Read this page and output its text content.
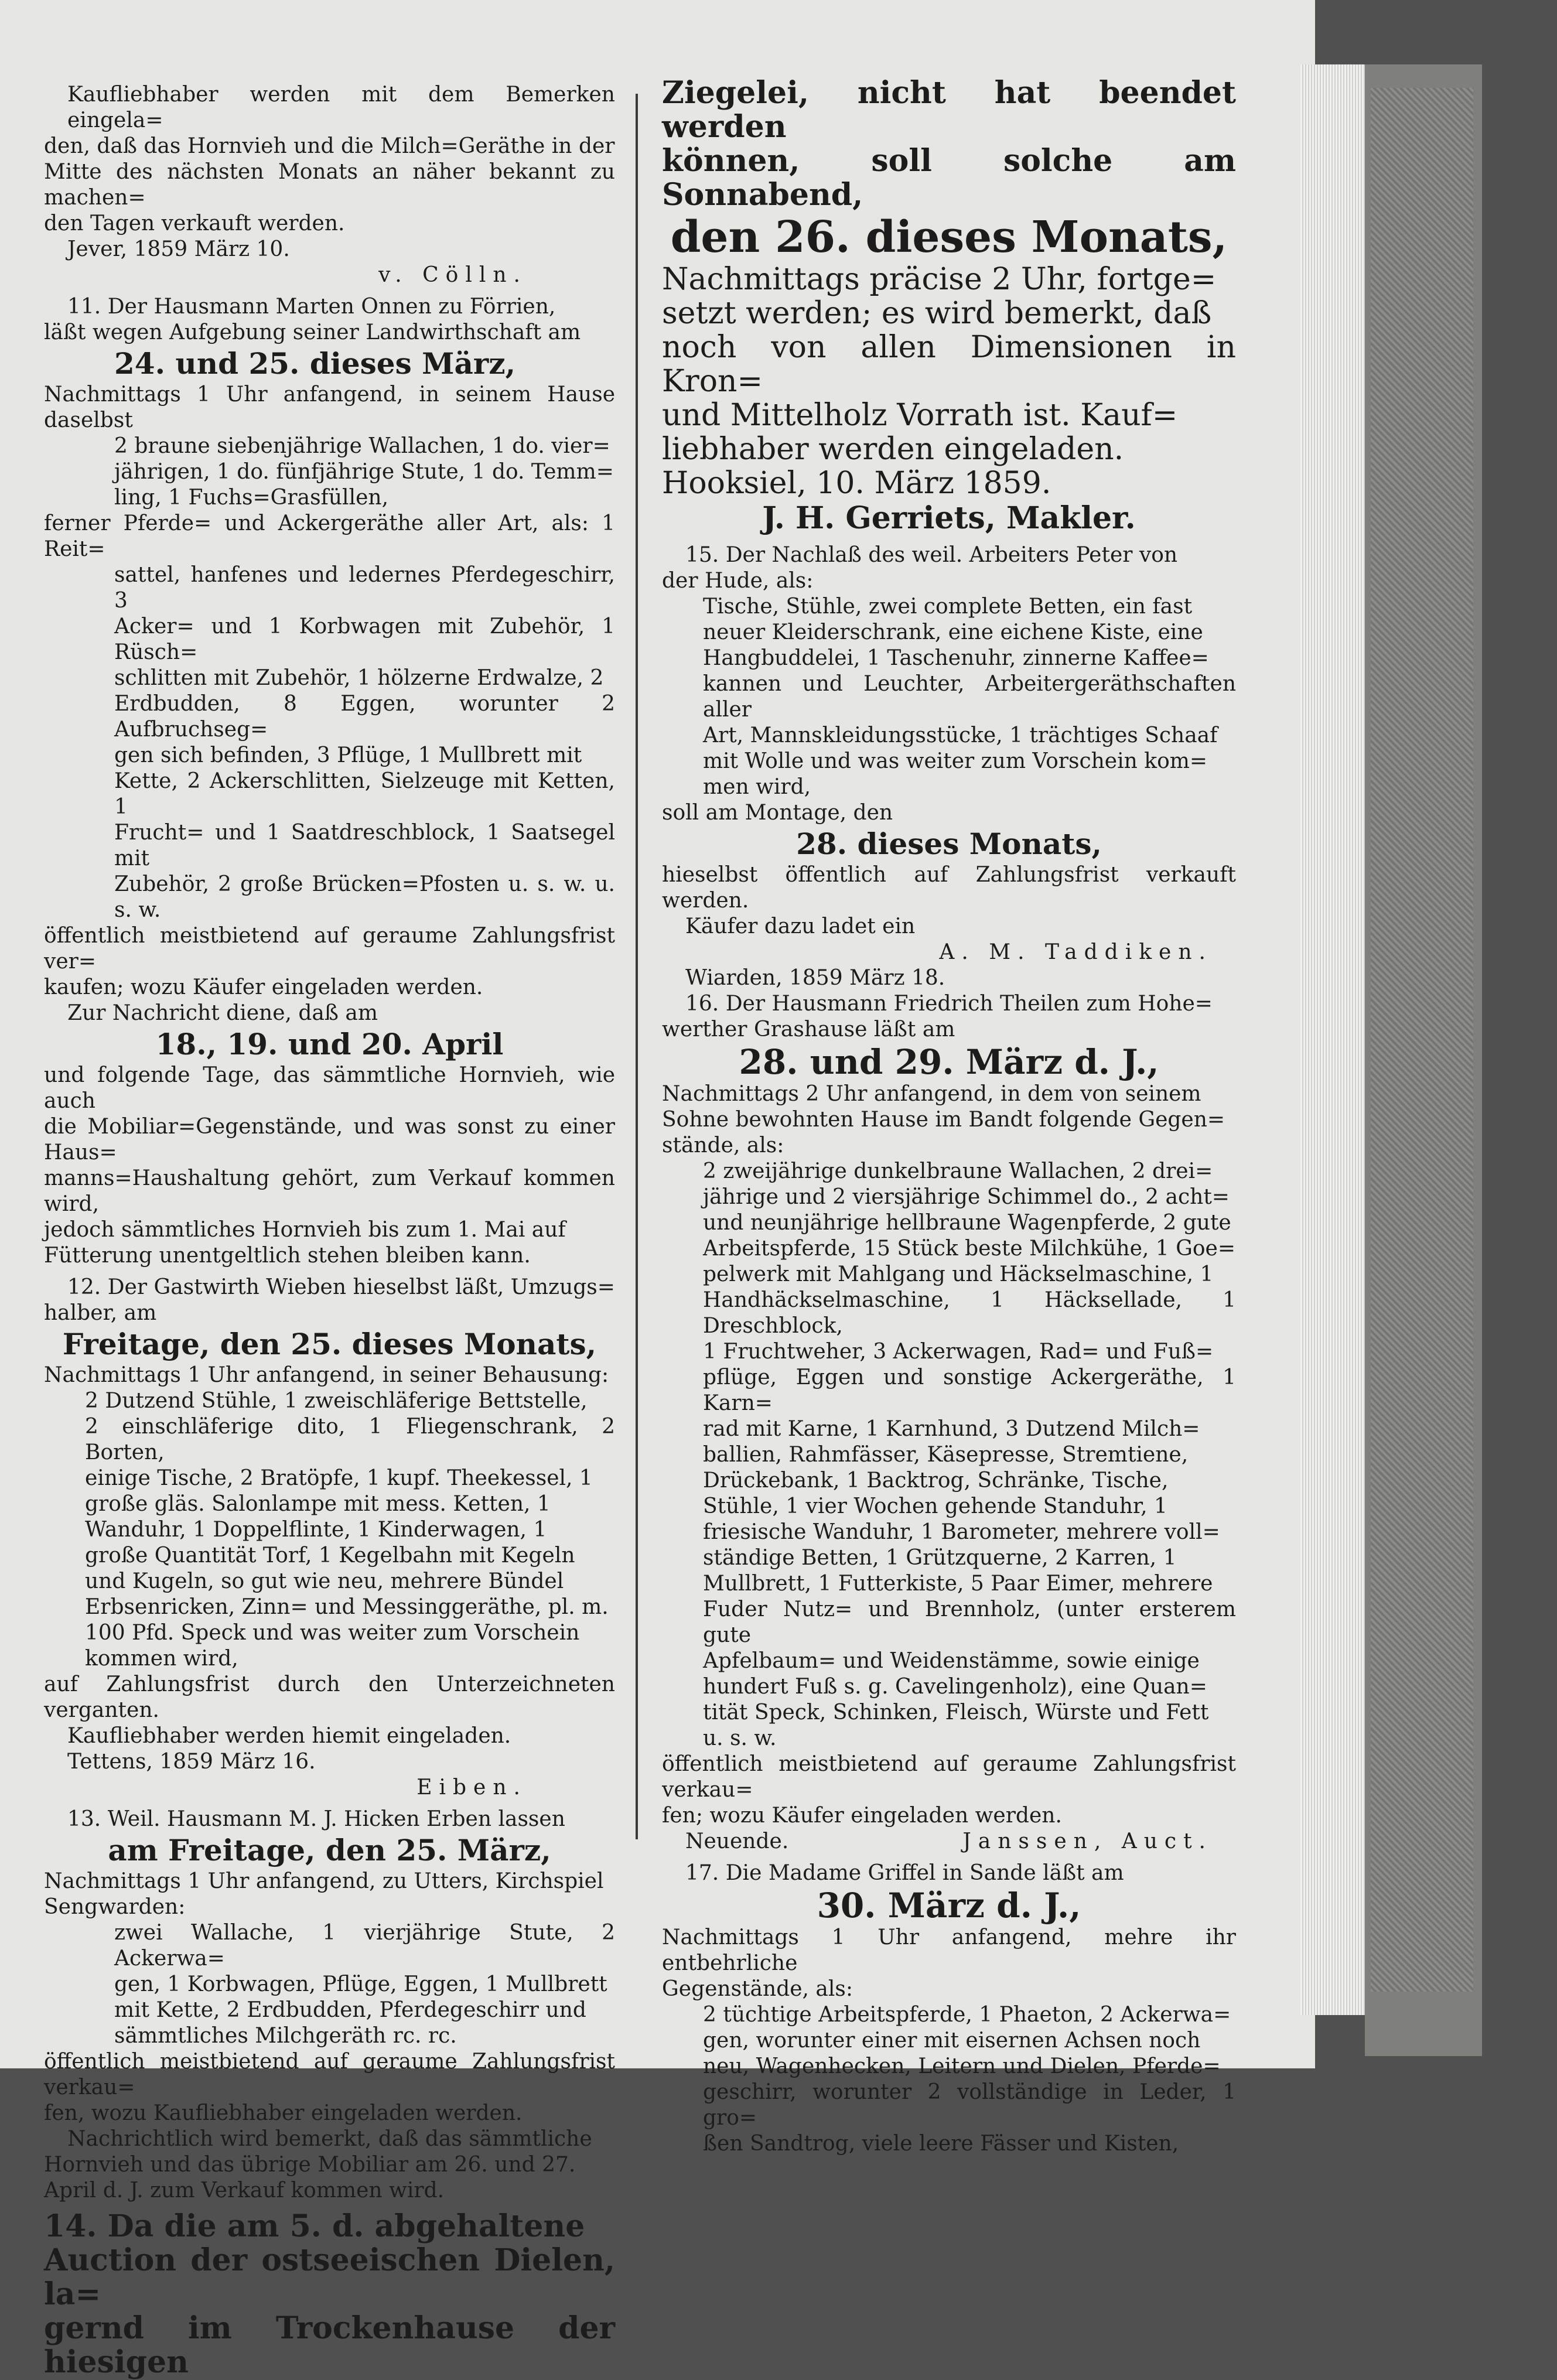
Kaufliebhaber werden mit dem Bemerken eingela=

den, daß das Hornvieh und die Milch=Geräthe in der

Mitte des nächsten Monats an näher bekannt zu machen=

den Tagen verkauft werden.

Jever, 1859 März 10.

v. Cölln.

11. Der Hausmann Marten Onnen zu Förrien,

läßt wegen Aufgebung seiner Landwirthschaft am

24. und 25. dieses März,

Nachmittags 1 Uhr anfangend, in seinem Hause daselbst

2 braune siebenjährige Wallachen, 1 do. vier=

jährigen, 1 do. fünfjährige Stute, 1 do. Temm=

ling, 1 Fuchs=Grasfüllen,

ferner Pferde= und Ackergeräthe aller Art, als: 1 Reit=

sattel, hanfenes und ledernes Pferdegeschirr, 3

Acker= und 1 Korbwagen mit Zubehör, 1 Rüsch=

schlitten mit Zubehör, 1 hölzerne Erdwalze, 2

Erdbudden, 8 Eggen, worunter 2 Aufbruchseg=

gen sich befinden, 3 Pflüge, 1 Mullbrett mit

Kette, 2 Ackerschlitten, Sielzeuge mit Ketten, 1

Frucht= und 1 Saatdreschblock, 1 Saatsegel mit

Zubehör, 2 große Brücken=Pfosten u. s. w. u. s. w.

öffentlich meistbietend auf geraume Zahlungsfrist ver=

kaufen; wozu Käufer eingeladen werden.

Zur Nachricht diene, daß am

18., 19. und 20. April

und folgende Tage, das sämmtliche Hornvieh, wie auch

die Mobiliar=Gegenstände, und was sonst zu einer Haus=

manns=Haushaltung gehört, zum Verkauf kommen wird,

jedoch sämmtliches Hornvieh bis zum 1. Mai auf

Fütterung unentgeltlich stehen bleiben kann.

12. Der Gastwirth Wieben hieselbst läßt, Umzugs=

halber, am

Freitage, den 25. dieses Monats,

Nachmittags 1 Uhr anfangend, in seiner Behausung:

2 Dutzend Stühle, 1 zweischläferige Bettstelle,

2 einschläferige dito, 1 Fliegenschrank, 2 Borten,

einige Tische, 2 Bratöpfe, 1 kupf. Theekessel, 1

große gläs. Salonlampe mit mess. Ketten, 1

Wanduhr, 1 Doppelflinte, 1 Kinderwagen, 1

große Quantität Torf, 1 Kegelbahn mit Kegeln

und Kugeln, so gut wie neu, mehrere Bündel

Erbsenricken, Zinn= und Messinggeräthe, pl. m.

100 Pfd. Speck und was weiter zum Vorschein

kommen wird,

auf Zahlungsfrist durch den Unterzeichneten verganten.

Kaufliebhaber werden hiemit eingeladen.

Tettens, 1859 März 16.

Eiben.

13. Weil. Hausmann M. J. Hicken Erben lassen

am Freitage, den 25. März,

Nachmittags 1 Uhr anfangend, zu Utters, Kirchspiel

Sengwarden:

zwei Wallache, 1 vierjährige Stute, 2 Ackerwa=

gen, 1 Korbwagen, Pflüge, Eggen, 1 Mullbrett

mit Kette, 2 Erdbudden, Pferdegeschirr und

sämmtliches Milchgeräth rc. rc.

öffentlich meistbietend auf geraume Zahlungsfrist verkau=

fen, wozu Kaufliebhaber eingeladen werden.

Nachrichtlich wird bemerkt, daß das sämmtliche

Hornvieh und das übrige Mobiliar am 26. und 27.

April d. J. zum Verkauf kommen wird.

14. Da die am 5. d. abgehaltene

Auction der ostseeischen Dielen, la=

gernd im Trockenhause der hiesigen

Ziegelei, nicht hat beendet werden

können, soll solche am Sonnabend,

den 26. dieses Monats,

Nachmittags präcise 2 Uhr, fortge=

setzt werden; es wird bemerkt, daß

noch von allen Dimensionen in Kron=

und Mittelholz Vorrath ist. Kauf=

liebhaber werden eingeladen.

Hooksiel, 10. März 1859.

J. H. Gerriets, Makler.

15. Der Nachlaß des weil. Arbeiters Peter von

der Hude, als:

Tische, Stühle, zwei complete Betten, ein fast

neuer Kleiderschrank, eine eichene Kiste, eine

Hangbuddelei, 1 Taschenuhr, zinnerne Kaffee=

kannen und Leuchter, Arbeitergeräthschaften aller

Art, Mannskleidungsstücke, 1 trächtiges Schaaf

mit Wolle und was weiter zum Vorschein kom=

men wird,

soll am Montage, den

28. dieses Monats,

hieselbst öffentlich auf Zahlungsfrist verkauft werden.

Käufer dazu ladet ein

A. M. Taddiken.

Wiarden, 1859 März 18.

16. Der Hausmann Friedrich Theilen zum Hohe=

werther Grashause läßt am

28. und 29. März d. J.,

Nachmittags 2 Uhr anfangend, in dem von seinem

Sohne bewohnten Hause im Bandt folgende Gegen=

stände, als:

2 zweijährige dunkelbraune Wallachen, 2 drei=

jährige und 2 viersjährige Schimmel do., 2 acht=

und neunjährige hellbraune Wagenpferde, 2 gute

Arbeitspferde, 15 Stück beste Milchkühe, 1 Goe=

pelwerk mit Mahlgang und Häckselmaschine, 1

Handhäckselmaschine, 1 Häcksellade, 1 Dreschblock,

1 Fruchtweher, 3 Ackerwagen, Rad= und Fuß=

pflüge, Eggen und sonstige Ackergeräthe, 1 Karn=

rad mit Karne, 1 Karnhund, 3 Dutzend Milch=

ballien, Rahmfässer, Käsepresse, Stremtiene,

Drückebank, 1 Backtrog, Schränke, Tische,

Stühle, 1 vier Wochen gehende Standuhr, 1

friesische Wanduhr, 1 Barometer, mehrere voll=

ständige Betten, 1 Grützquerne, 2 Karren, 1

Mullbrett, 1 Futterkiste, 5 Paar Eimer, mehrere

Fuder Nutz= und Brennholz, (unter ersterem gute

Apfelbaum= und Weidenstämme, sowie einige

hundert Fuß s. g. Cavelingenholz), eine Quan=

tität Speck, Schinken, Fleisch, Würste und Fett

u. s. w.

öffentlich meistbietend auf geraume Zahlungsfrist verkau=

fen; wozu Käufer eingeladen werden.

Neuende.	Janssen, Auct.

17. Die Madame Griffel in Sande läßt am

30. März d. J.,

Nachmittags 1 Uhr anfangend, mehre ihr entbehrliche

Gegenstände, als:

2 tüchtige Arbeitspferde, 1 Phaeton, 2 Ackerwa=

gen, worunter einer mit eisernen Achsen noch

neu, Wagenhecken, Leitern und Dielen, Pferde=

geschirr, worunter 2 vollständige in Leder, 1 gro=

ßen Sandtrog, viele leere Fässer und Kisten,
